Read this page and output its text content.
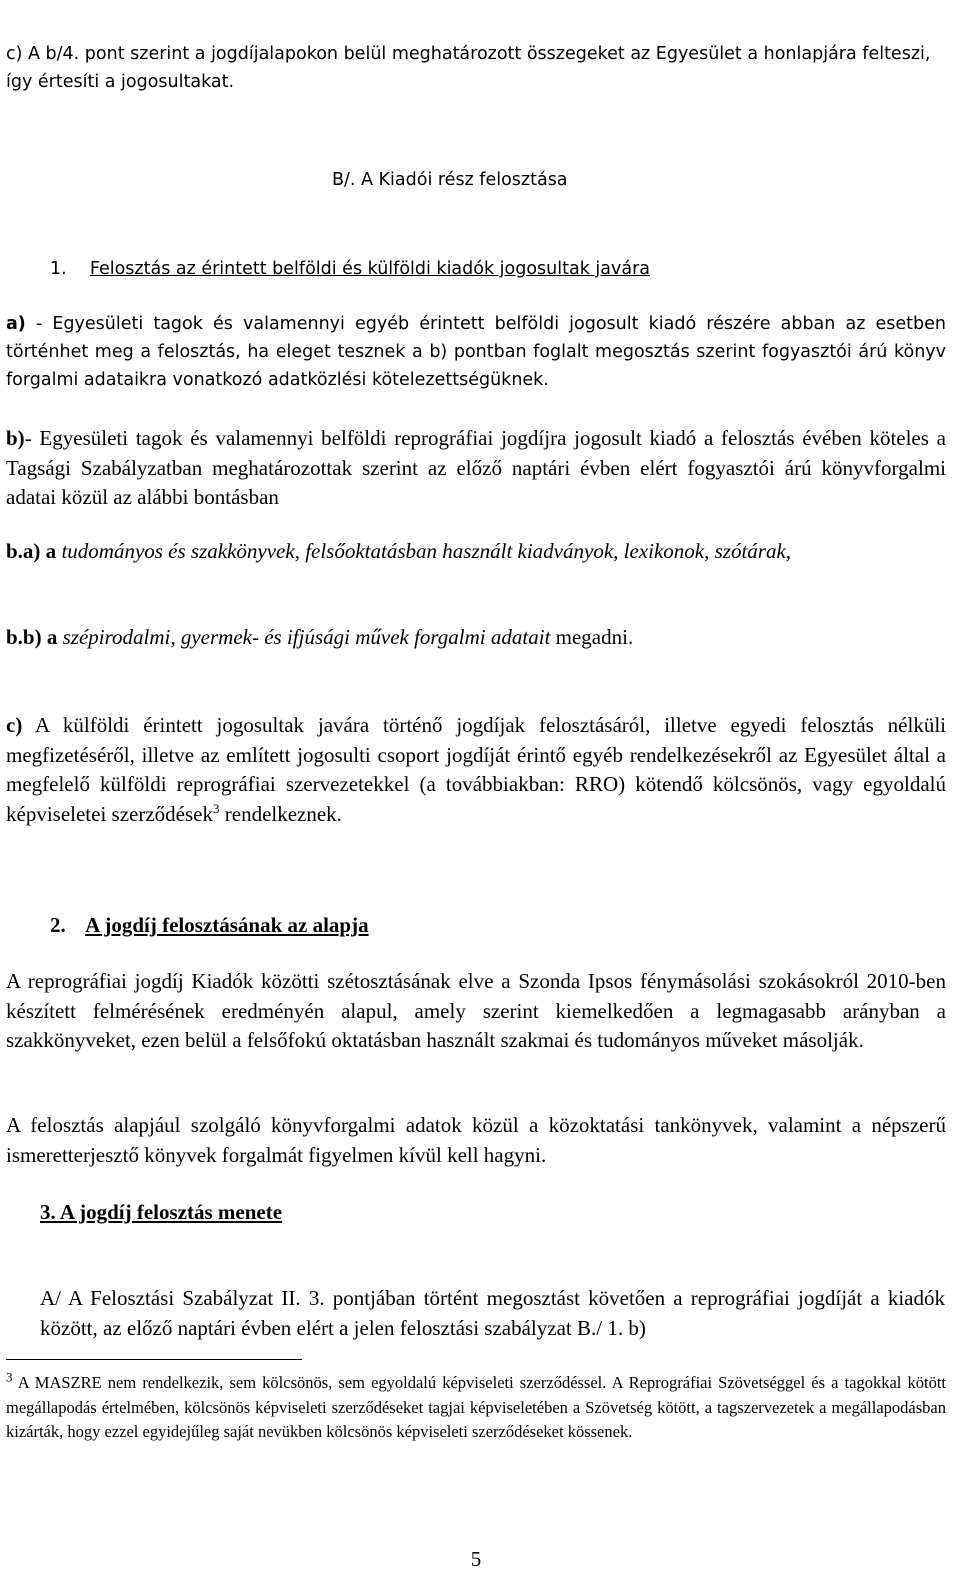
c) A b/4. pont szerint a jogdíjalapokon belül meghatározott összegeket az Egyesület a honlapjára felteszi, így értesíti a jogosultakat.
B/. A Kiadói rész felosztása
1. Felosztás az érintett belföldi és külföldi kiadók jogosultak javára
a) - Egyesületi tagok és valamennyi egyéb érintett belföldi jogosult kiadó részére abban az esetben történhet meg a felosztás, ha eleget tesznek a b) pontban foglalt megosztás szerint fogyasztói árú könyv forgalmi adataikra vonatkozó adatközlési kötelezettségüknek.
b)- Egyesületi tagok és valamennyi belföldi reprográfiai jogdíjra jogosult kiadó a felosztás évében köteles a Tagsági Szabályzatban meghatározottak szerint az előző naptári évben elért fogyasztói árú könyvforgalmi adatai közül az alábbi bontásban
b.a) a tudományos és szakkönyvek, felsőoktatásban használt kiadványok, lexikonok, szótárak,
b.b) a szépirodalmi, gyermek- és ifjúsági művek forgalmi adatait megadni.
c) A külföldi érintett jogosultak javára történő jogdíjak felosztásáról, illetve egyedi felosztás nélküli megfizetéséről, illetve az említett jogosulti csoport jogdíját érintő egyéb rendelkezésekről az Egyesület által a megfelelő külföldi reprográfiai szervezetekkel (a továbbiakban: RRO) kötendő kölcsönös, vagy egyoldalú képviseletei szerződések$^3$ rendelkeznek.
2. A jogdíj felosztásának az alapja
A reprográfiai jogdíj Kiadók közötti szétosztásának elve a Szonda Ipsos fénymásolási szokásokról 2010-ben készített felmérésének eredményén alapul, amely szerint kiemelkedően a legmagasabb arányban a szakkönyveket, ezen belül a felsőfokú oktatásban használt szakmai és tudományos műveket másolják.
A felosztás alapjául szolgáló könyvforgalmi adatok közül a közoktatási tankönyvek, valamint a népszerű ismeretterjesztő könyvek forgalmát figyelmen kívül kell hagyni.
3. A jogdíj felosztás menete
A/ A Felosztási Szabályzat II. 3. pontjában történt megosztást követően a reprográfiai jogdíját a kiadók között, az előző naptári évben elért a jelen felosztási szabályzat B./ 1. b)
$^3$ A MASZRE nem rendelkezik, sem kölcsönös, sem egyoldalú képviseleti szerződéssel. A Reprográfiai Szövetséggel és a tagokkal kötött megállapodás értelmében, kölcsönös képviseleti szerződéseket tagjai képviseletében a Szövetség kötött, a tagszervezetek a megállapodásban kizárták, hogy ezzel egyidejűleg saját nevükben kölcsönös képviseleti szerződéseket kössenek.
5
